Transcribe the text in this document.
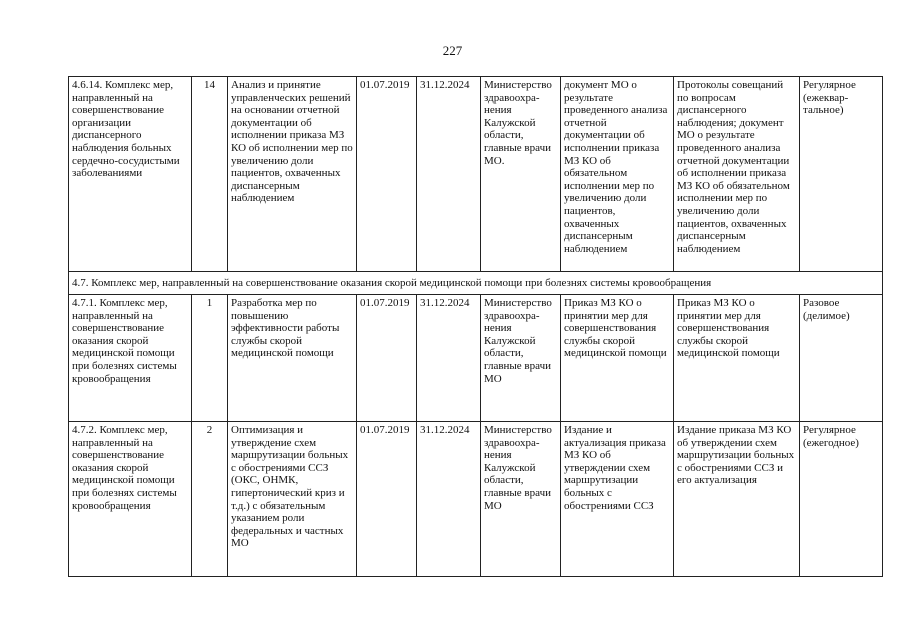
227
4.6.14. Комплекс мер, направленный на совершенствование организации диспансерного наблюдения больных сердечно-сосудистыми заболеваниями	14	Анализ и принятие управленческих решений на основании отчетной документации об исполнении приказа МЗ КО об исполнении мер по увеличению доли пациентов, охваченных диспансерным наблюдением	01.07.2019	31.12.2024	Министерство здравоохра-нения Калужской области, главные врачи МО.	документ МО о результате проведенного анализа отчетной документации об исполнении приказа МЗ КО об обязательном исполнении мер по увеличению доли пациентов, охваченных диспансерным наблюдением	Протоколы совещаний по вопросам диспансерного наблюдения; документ МО о результате проведенного анализа отчетной документации об исполнении приказа МЗ КО об обязательном исполнении мер по увеличению доли пациентов, охваченных диспансерным наблюдением	Регулярное (ежеквар-тальное)
4.7. Комплекс мер, направленный на совершенствование оказания скорой медицинской помощи при болезнях системы кровообращения								
4.7.1. Комплекс мер, направленный на совершенствование оказания скорой медицинской помощи при болезнях системы кровообращения	1	Разработка мер по повышению эффективности работы службы скорой медицинской помощи	01.07.2019	31.12.2024	Министерство здравоохра-нения Калужской области, главные врачи МО	Приказ МЗ КО о принятии мер для совершенствования службы скорой медицинской помощи	Приказ МЗ КО о принятии мер для совершенствования службы скорой медицинской помощи	Разовое (делимое)
4.7.2. Комплекс мер, направленный на совершенствование оказания скорой медицинской помощи при болезнях системы кровообращения	2	Оптимизация и утверждение схем маршрутизации больных с обострениями ССЗ (ОКС, ОНМК, гипертонический криз и т.д.) с обязательным указанием роли федеральных и частных МО	01.07.2019	31.12.2024	Министерство здравоохра-нения Калужской области, главные врачи МО	Издание и актуализация приказа МЗ КО об утверждении схем маршрутизации больных с обострениями ССЗ	Издание приказа МЗ КО об утверждении схем маршрутизации больных с обострениями ССЗ и его актуализация	Регулярное (ежегодное)
